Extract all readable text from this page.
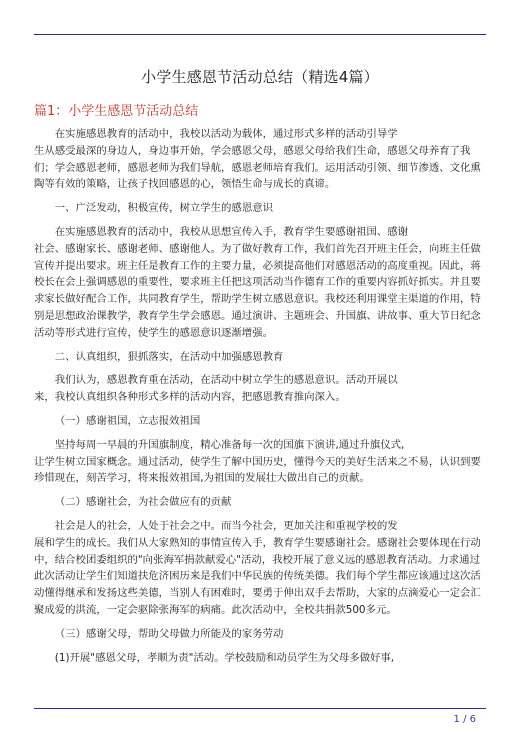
小学生感恩节活动总结（精选4篇）
篇1：小学生感恩节活动总结

在实施感恩教育的活动中，我校以活动为载体，通过形式多样的活动引导学

生从感受最深的身边人，身边事开始，学会感恩父母，感恩父母给我们生命，感恩父母养育了我们；学会感恩老师，感恩老师为我们导航，感恩老师培育我们。运用活动引领、细节渗透、文化熏陶等有效的策略，让孩子找回感恩的心，领悟生命与成长的真谛。

一、广泛发动，积极宣传，树立学生的感恩意识

在实施感恩教育的活动中，我校从思想宣传入手，教育学生要感谢祖国、感谢

社会、感谢家长、感谢老师、感谢他人。为了做好教育工作，我们首先召开班主任会，向班主任做宣传并提出要求。班主任是教育工作的主要力量，必须提高他们对感恩活动的高度重视。因此，蒋校长在会上强调感恩的重要性，要求班主任把这项活动当作德育工作的重要内容抓好抓实。并且要求家长做好配合工作，共同教育学生，帮助学生树立感恩意识。我校还利用课堂主渠道的作用，特别是思想政治课教学，教育学生学会感恩。通过演讲、主题班会、升国旗、讲故事、重大节日纪念活动等形式进行宣传，使学生的感恩意识逐渐增强。

二、认真组织，狠抓落实，在活动中加强感恩教育

我们认为，感恩教育重在活动，在活动中树立学生的感恩意识。活动开展以

来，我校认真组织各种形式多样的活动内容，把感恩教育推向深入。

（一）感谢祖国，立志报效祖国

坚持每周一早晨的升国旗制度，精心准备每一次的国旗下演讲,通过升旗仪式,

让学生树立国家概念。通过活动，使学生了解中国历史，懂得今天的美好生活来之不易，认识到要珍惜现在，刻苦学习，将来报效祖国,为祖国的发展壮大做出自己的贡献。

（二）感谢社会，为社会做应有的贡献

社会是人的社会，人处于社会之中。而当今社会，更加关注和重视学校的发

展和学生的成长。我们从大家熟知的事情宣传入手，教育学生要感谢社会。感谢社会要体现在行动中，结合校团委组织的"向张海军捐款献爱心"活动，我校开展了意义远的感恩教育活动。力求通过此次活动让学生们知道扶危济困历来是我们中华民族的传统美德。我们每个学生都应该通过这次活动懂得继承和发扬这些美德，当别人有困难时，要勇于伸出双手去帮助，大家的点滴爱心一定会汇聚成爱的洪流，一定会驱除张海军的病痛。此次活动中，全校共捐款500多元。

（三）感谢父母，帮助父母做力所能及的家务劳动

(1)开展"感恩父母，孝顺为责"活动。学校鼓励和动员学生为父母多做好事,

1 / 6
